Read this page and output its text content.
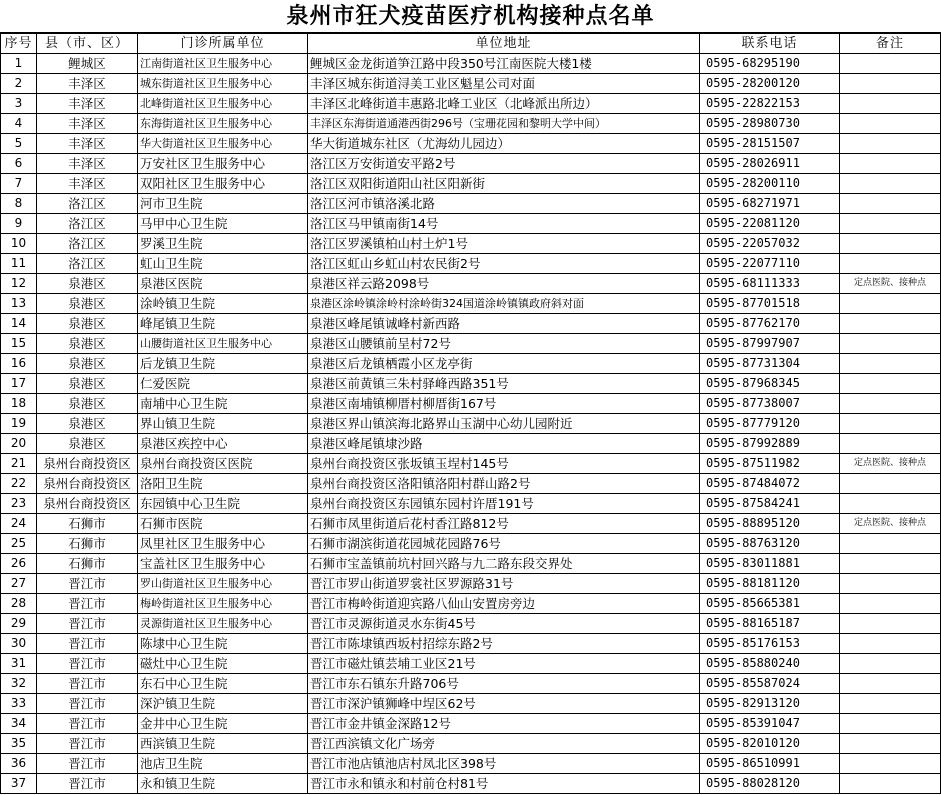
泉州市狂犬疫苗医疗机构接种点名单
序号	县（市、区）	门诊所属单位	单位地址	联系电话	备注
1	鲤城区	江南街道社区卫生服务中心	鲤城区金龙街道笋江路中段350号江南医院大楼1楼	0595-68295190	
2	丰泽区	城东街道社区卫生服务中心	丰泽区城东街道浔美工业区魁星公司对面	0595-28200120	
3	丰泽区	北峰街道社区卫生服务中心	丰泽区北峰街道丰惠路北峰工业区（北峰派出所边）	0595-22822153	
4	丰泽区	东海街道社区卫生服务中心	丰泽区东海街道通港西街296号（宝珊花园和黎明大学中间）	0595-28980730	
5	丰泽区	华大街道社区卫生服务中心	华大街道城东社区（尤海幼儿园边）	0595-28151507	
6	丰泽区	万安社区卫生服务中心	洛江区万安街道安平路2号	0595-28026911	
7	丰泽区	双阳社区卫生服务中心	洛江区双阳街道阳山社区阳新街	0595-28200110	
8	洛江区	河市卫生院	洛江区河市镇洛溪北路	0595-68271971	
9	洛江区	马甲中心卫生院	洛江区马甲镇南街14号	0595-22081120	
10	洛江区	罗溪卫生院	洛江区罗溪镇柏山村土炉1号	0595-22057032	
11	洛江区	虹山卫生院	洛江区虹山乡虹山村农民街2号	0595-22077110	
12	泉港区	泉港区医院	泉港区祥云路2098号	0595-68111333	定点医院、接种点
13	泉港区	涂岭镇卫生院	泉港区涂岭镇涂岭村涂岭街324国道涂岭镇镇政府斜对面	0595-87701518	
14	泉港区	峰尾镇卫生院	泉港区峰尾镇诚峰村新西路	0595-87762170	
15	泉港区	山腰街道社区卫生服务中心	泉港区山腰镇前呈村72号	0595-87997907	
16	泉港区	后龙镇卫生院	泉港区后龙镇栖霞小区龙亭街	0595-87731304	
17	泉港区	仁爱医院	泉港区前黄镇三朱村驿峰西路351号	0595-87968345	
18	泉港区	南埔中心卫生院	泉港区南埔镇柳厝村柳厝街167号	0595-87738007	
19	泉港区	界山镇卫生院	泉港区界山镇滨海北路界山玉湖中心幼儿园附近	0595-87779120	
20	泉港区	泉港区疾控中心	泉港区峰尾镇埭沙路	0595-87992889	
21	泉州台商投资区	泉州台商投资区医院	泉州台商投资区张坂镇玉埕村145号	0595-87511982	定点医院、接种点
22	泉州台商投资区	洛阳卫生院	泉州台商投资区洛阳镇洛阳村群山路2号	0595-87484072	
23	泉州台商投资区	东园镇中心卫生院	泉州台商投资区东园镇东园村许厝191号	0595-87584241	
24	石狮市	石狮市医院	石狮市凤里街道后花村香江路812号	0595-88895120	定点医院、接种点
25	石狮市	凤里社区卫生服务中心	石狮市湖滨街道花园城花园路76号	0595-88763120	
26	石狮市	宝盖社区卫生服务中心	石狮市宝盖镇前坑村回兴路与九二路东段交界处	0595-83011881	
27	晋江市	罗山街道社区卫生服务中心	晋江市罗山街道罗裳社区罗源路31号	0595-88181120	
28	晋江市	梅岭街道社区卫生服务中心	晋江市梅岭街道迎宾路八仙山安置房旁边	0595-85665381	
29	晋江市	灵源街道社区卫生服务中心	晋江市灵源街道灵水东街45号	0595-88165187	
30	晋江市	陈埭中心卫生院	晋江市陈埭镇西坂村招综东路2号	0595-85176153	
31	晋江市	磁灶中心卫生院	晋江市磁灶镇芸埔工业区21号	0595-85880240	
32	晋江市	东石中心卫生院	晋江市东石镇东升路706号	0595-85587024	
33	晋江市	深沪镇卫生院	晋江市深沪镇狮峰中埕区62号	0595-82913120	
34	晋江市	金井中心卫生院	晋江市金井镇金深路12号	0595-85391047	
35	晋江市	西滨镇卫生院	晋江西滨镇文化广场旁	0595-82010120	
36	晋江市	池店卫生院	晋江市池店镇池店村凤北区398号	0595-86510991	
37	晋江市	永和镇卫生院	晋江市永和镇永和村前仓村81号	0595-88028120	
